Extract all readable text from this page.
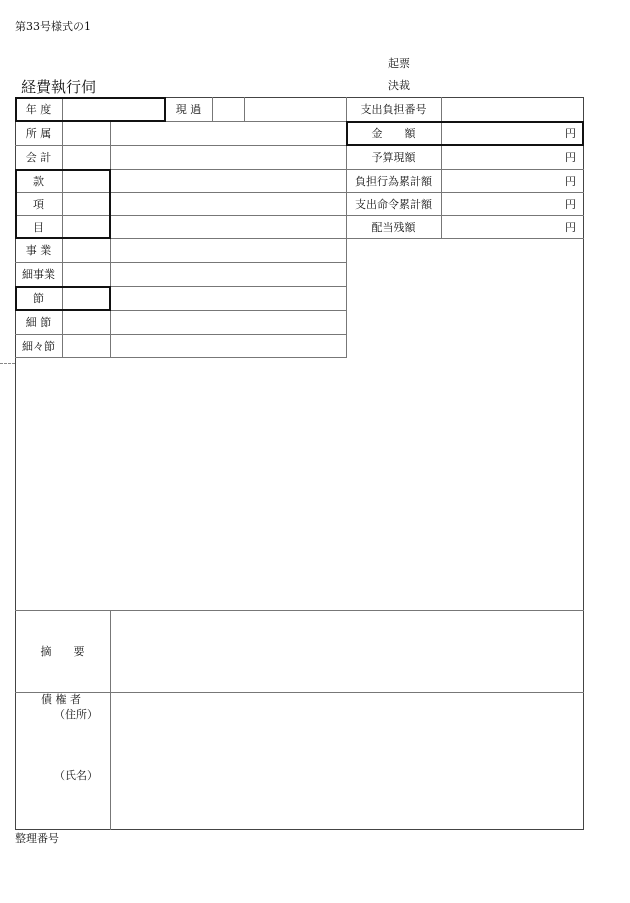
第33号様式の1
起票
決裁
経費執行伺
年 度	現 過
所 属
会 計
款
項
目
事 業
細事業
節
細 節
細々節
支出負担番号
金　　額
予算現額
負担行為累計額
支出命令累計額
配当残額
円
円
円
円
円
摘　　要
債 権 者
（住所）
（氏名）
整理番号
